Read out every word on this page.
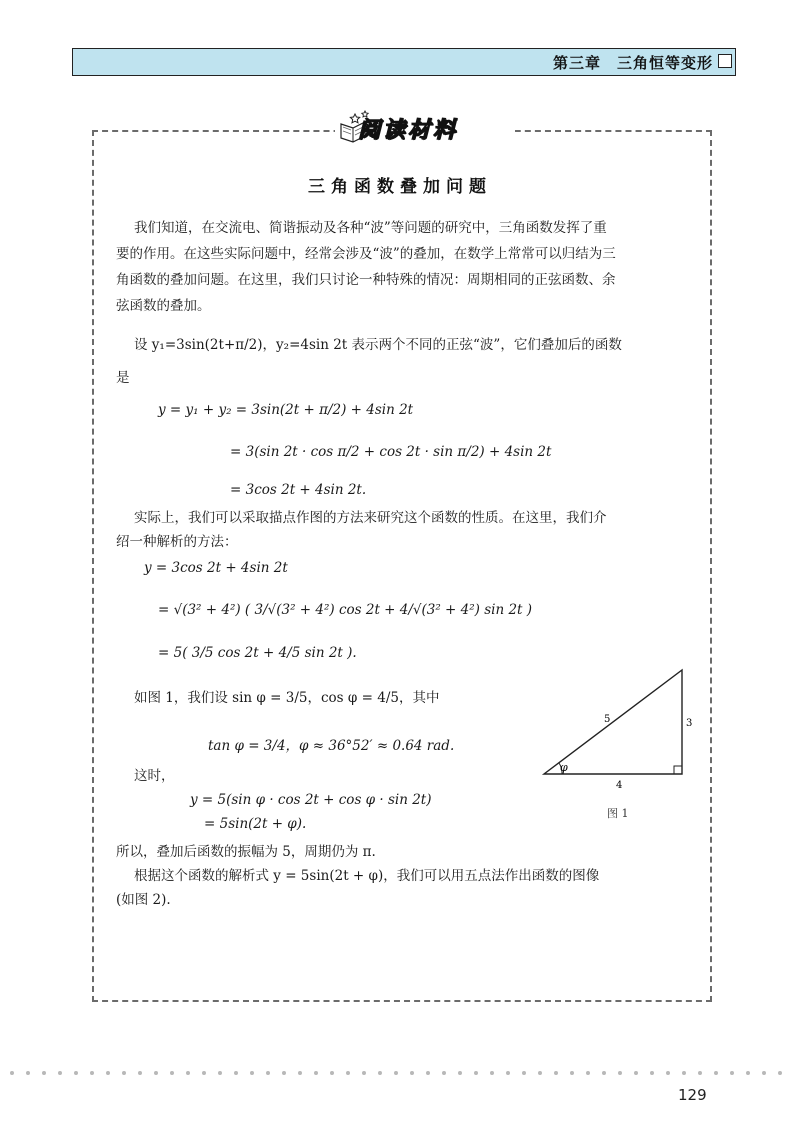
第三章　三角恒等变形
阅读材料
三角函数叠加问题
我们知道，在交流电、简谐振动及各种“波”等问题的研究中，三角函数发挥了重
要的作用。在这些实际问题中，经常会涉及“波”的叠加，在数学上常常可以归结为三
角函数的叠加问题。在这里，我们只讨论一种特殊的情况：周期相同的正弦函数、余
弦函数的叠加。
设 y₁=3sin(2t+π/2)，y₂=4sin 2t 表示两个不同的正弦“波”，它们叠加后的函数
是
y = y₁ + y₂ = 3sin(2t + π/2) + 4sin 2t
= 3(sin 2t · cos π/2 + cos 2t · sin π/2) + 4sin 2t
= 3cos 2t + 4sin 2t.
实际上，我们可以采取描点作图的方法来研究这个函数的性质。在这里，我们介
绍一种解析的方法：
y = 3cos 2t + 4sin 2t
= √(3² + 4²) ( 3/√(3² + 4²) cos 2t + 4/√(3² + 4²) sin 2t )
= 5( 3/5 cos 2t + 4/5 sin 2t ).
如图 1，我们设 sin φ = 3/5，cos φ = 4/5，其中
tan φ = 3/4，φ ≈ 36°52′ ≈ 0.64 rad.
这时，
y = 5(sin φ · cos 2t + cos φ · sin 2t)
= 5sin(2t + φ).
所以，叠加后函数的振幅为 5，周期仍为 π.
根据这个函数的解析式 y = 5sin(2t + φ)，我们可以用五点法作出函数的图像
(如图 2).
φ
5	3
4
图 1
129
